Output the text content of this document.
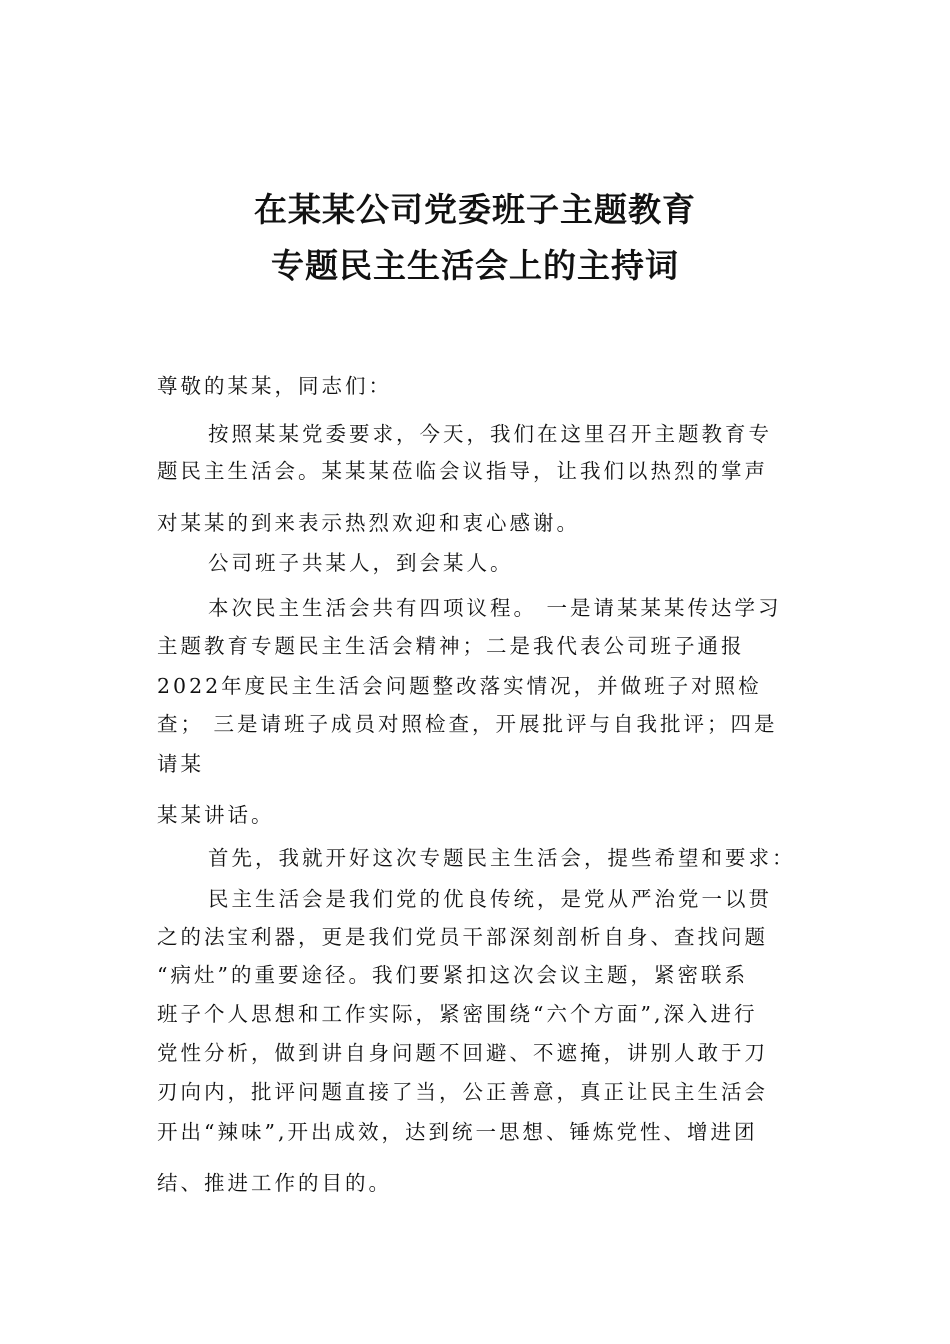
在某某公司党委班子主题教育
专题民主生活会上的主持词

尊敬的某某，同志们：

按照某某党委要求，今天，我们在这里召开主题教育专

题民主生活会。某某某莅临会议指导，让我们以热烈的掌声

对某某的到来表示热烈欢迎和衷心感谢。

公司班子共某人，到会某人。

本次民主生活会共有四项议程。 一是请某某某传达学习

主题教育专题民主生活会精神；二是我代表公司班子通报

2022年度民主生活会问题整改落实情况，并做班子对照检

查； 三是请班子成员对照检查，开展批评与自我批评；四是

请某

某某讲话。

首先，我就开好这次专题民主生活会，提些希望和要求：

民主生活会是我们党的优良传统，是党从严治党一以贯

之的法宝利器，更是我们党员干部深刻剖析自身、查找问题

“病灶”的重要途径。我们要紧扣这次会议主题，紧密联系

班子个人思想和工作实际，紧密围绕“六个方面”,深入进行

党性分析，做到讲自身问题不回避、不遮掩，讲别人敢于刀

刃向内，批评问题直接了当，公正善意，真正让民主生活会

开出“辣味”,开出成效，达到统一思想、锤炼党性、增进团

结、推进工作的目的。
